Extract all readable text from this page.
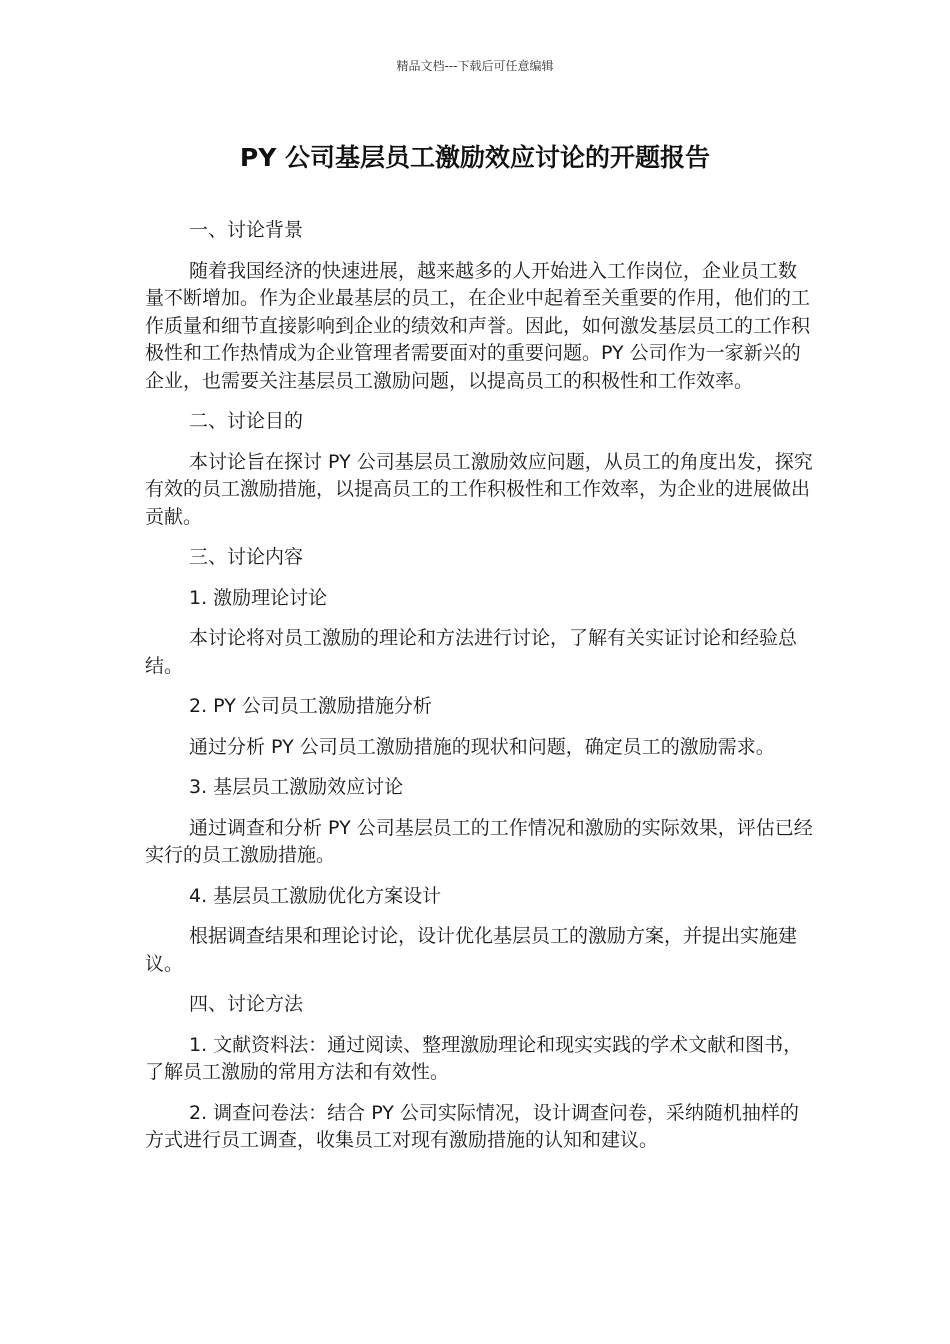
精品文档---下载后可任意编辑
PY 公司基层员工激励效应讨论的开题报告

一、讨论背景

随着我国经济的快速进展，越来越多的人开始进入工作岗位，企业员工数量不断增加。作为企业最基层的员工，在企业中起着至关重要的作用，他们的工作质量和细节直接影响到企业的绩效和声誉。因此，如何激发基层员工的工作积极性和工作热情成为企业管理者需要面对的重要问题。PY 公司作为一家新兴的企业，也需要关注基层员工激励问题，以提高员工的积极性和工作效率。

二、讨论目的

本讨论旨在探讨 PY 公司基层员工激励效应问题，从员工的角度出发，探究有效的员工激励措施，以提高员工的工作积极性和工作效率，为企业的进展做出贡献。

三、讨论内容

1. 激励理论讨论

本讨论将对员工激励的理论和方法进行讨论，了解有关实证讨论和经验总结。

2. PY 公司员工激励措施分析

通过分析 PY 公司员工激励措施的现状和问题，确定员工的激励需求。

3. 基层员工激励效应讨论

通过调查和分析 PY 公司基层员工的工作情况和激励的实际效果，评估已经实行的员工激励措施。

4. 基层员工激励优化方案设计

根据调查结果和理论讨论，设计优化基层员工的激励方案，并提出实施建议。

四、讨论方法

1. 文献资料法：通过阅读、整理激励理论和现实实践的学术文献和图书，了解员工激励的常用方法和有效性。

2. 调查问卷法：结合 PY 公司实际情况，设计调查问卷，采纳随机抽样的方式进行员工调查，收集员工对现有激励措施的认知和建议。
